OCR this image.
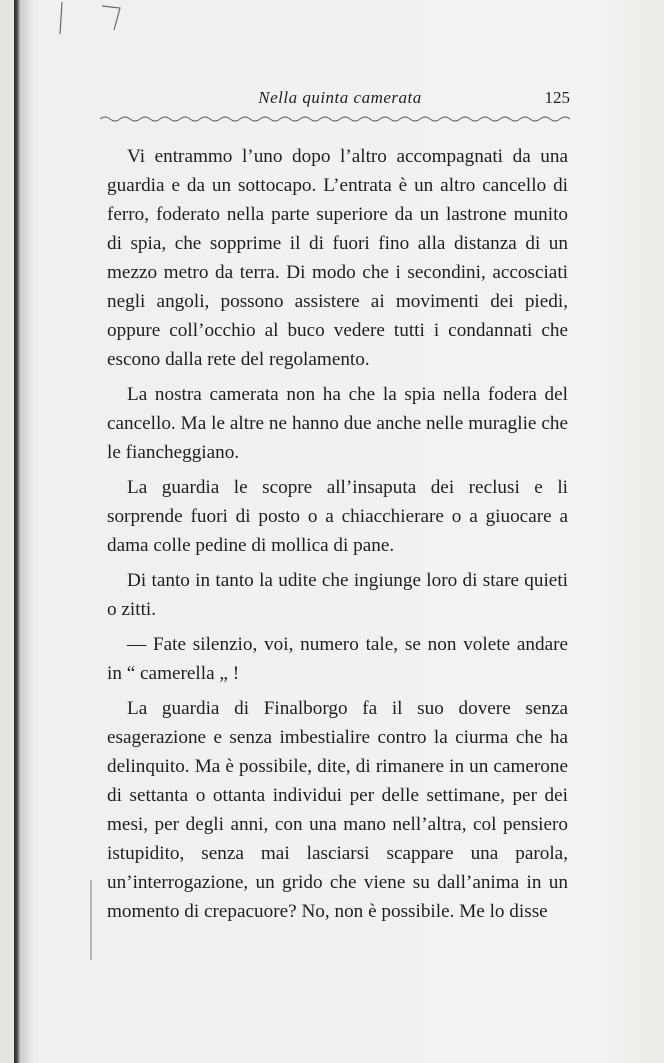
Nella quinta camerata	125

Vi entrammo l’uno dopo l’altro accompagnati da una guardia e da un sottocapo. L’entrata è un altro cancello di ferro, foderato nella parte superiore da un lastrone munito di spia, che sopprime il di fuori fino alla distanza di un mezzo metro da terra. Di modo che i secondini, accosciati negli angoli, possono assistere ai movimenti dei piedi, oppure coll’occhio al buco vedere tutti i condannati che escono dalla rete del regolamento.

La nostra camerata non ha che la spia nella fodera del cancello. Ma le altre ne hanno due anche nelle muraglie che le fiancheggiano.

La guardia le scopre all’insaputa dei reclusi e li sorprende fuori di posto o a chiacchierare o a giuocare a dama colle pedine di mollica di pane.

Di tanto in tanto la udite che ingiunge loro di stare quieti o zitti.

— Fate silenzio, voi, numero tale, se non volete andare in “ camerella „ !

La guardia di Finalborgo fa il suo dovere senza esagerazione e senza imbestialire contro la ciurma che ha delinquito. Ma è possibile, dite, di rimanere in un camerone di settanta o ottanta individui per delle settimane, per dei mesi, per degli anni, con una mano nell’altra, col pensiero istupidito, senza mai lasciarsi scappare una parola, un’interrogazione, un grido che viene su dall’anima in un momento di crepacuore? No, non è possibile. Me lo disse
